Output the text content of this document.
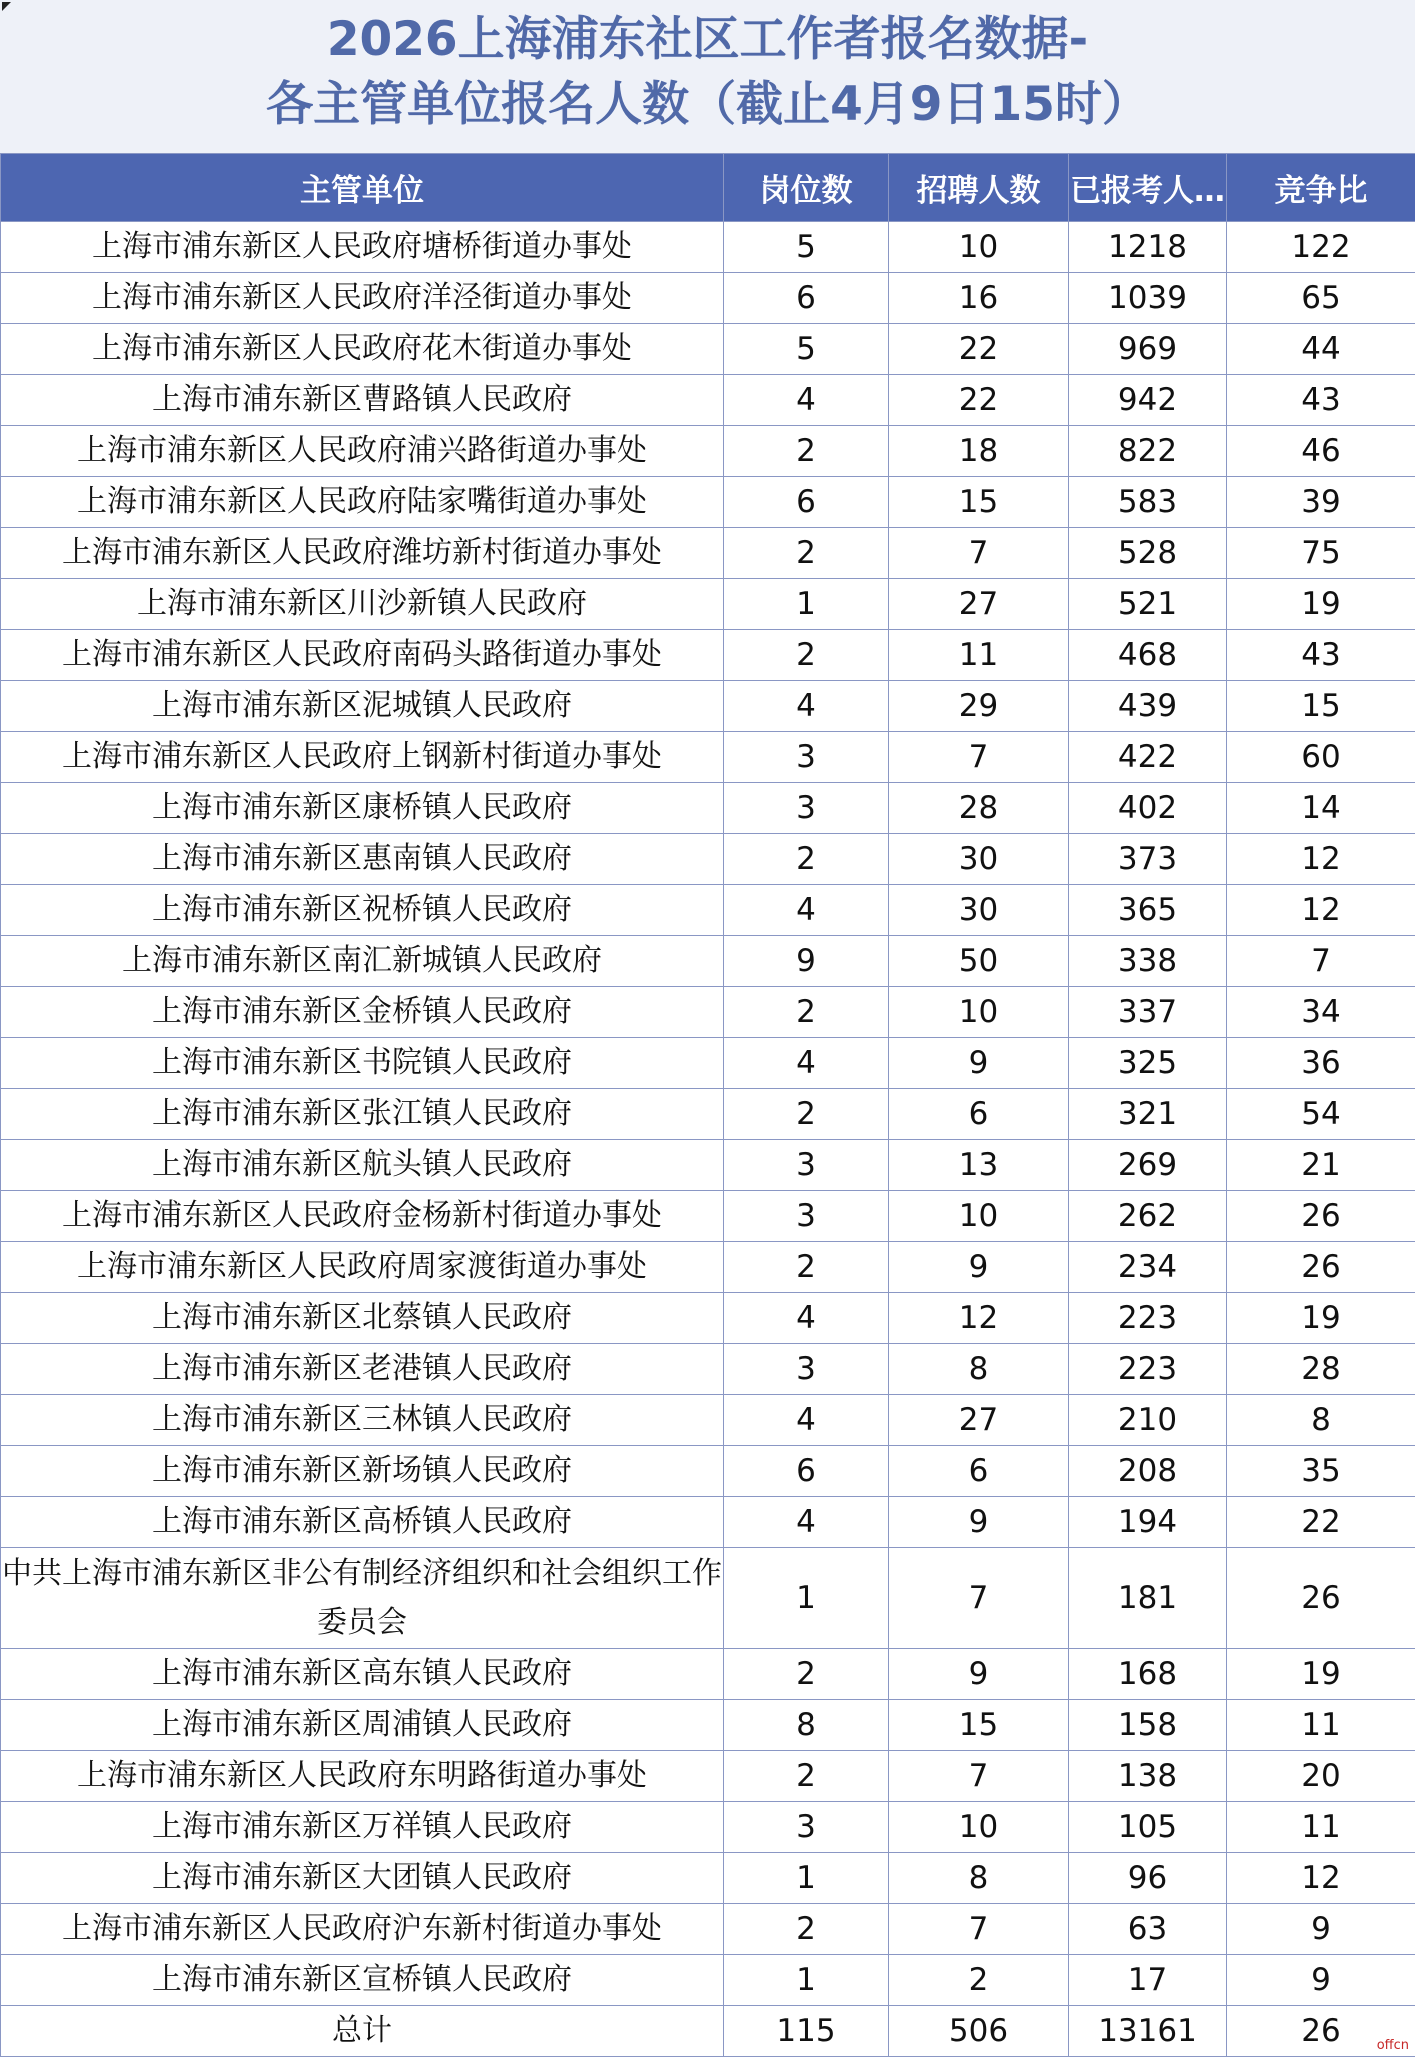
2026上海浦东社区工作者报名数据-
各主管单位报名人数（截止4月9日15时）
主管单位	岗位数	招聘人数	已报考人…	竞争比
上海市浦东新区人民政府塘桥街道办事处	5	10	1218	122
上海市浦东新区人民政府洋泾街道办事处	6	16	1039	65
上海市浦东新区人民政府花木街道办事处	5	22	969	44
上海市浦东新区曹路镇人民政府	4	22	942	43
上海市浦东新区人民政府浦兴路街道办事处	2	18	822	46
上海市浦东新区人民政府陆家嘴街道办事处	6	15	583	39
上海市浦东新区人民政府潍坊新村街道办事处	2	7	528	75
上海市浦东新区川沙新镇人民政府	1	27	521	19
上海市浦东新区人民政府南码头路街道办事处	2	11	468	43
上海市浦东新区泥城镇人民政府	4	29	439	15
上海市浦东新区人民政府上钢新村街道办事处	3	7	422	60
上海市浦东新区康桥镇人民政府	3	28	402	14
上海市浦东新区惠南镇人民政府	2	30	373	12
上海市浦东新区祝桥镇人民政府	4	30	365	12
上海市浦东新区南汇新城镇人民政府	9	50	338	7
上海市浦东新区金桥镇人民政府	2	10	337	34
上海市浦东新区书院镇人民政府	4	9	325	36
上海市浦东新区张江镇人民政府	2	6	321	54
上海市浦东新区航头镇人民政府	3	13	269	21
上海市浦东新区人民政府金杨新村街道办事处	3	10	262	26
上海市浦东新区人民政府周家渡街道办事处	2	9	234	26
上海市浦东新区北蔡镇人民政府	4	12	223	19
上海市浦东新区老港镇人民政府	3	8	223	28
上海市浦东新区三林镇人民政府	4	27	210	8
上海市浦东新区新场镇人民政府	6	6	208	35
上海市浦东新区高桥镇人民政府	4	9	194	22
中共上海市浦东新区非公有制经济组织和社会组织工作委员会	1	7	181	26
上海市浦东新区高东镇人民政府	2	9	168	19
上海市浦东新区周浦镇人民政府	8	15	158	11
上海市浦东新区人民政府东明路街道办事处	2	7	138	20
上海市浦东新区万祥镇人民政府	3	10	105	11
上海市浦东新区大团镇人民政府	1	8	96	12
上海市浦东新区人民政府沪东新村街道办事处	2	7	63	9
上海市浦东新区宣桥镇人民政府	1	2	17	9
总计	115	506	13161	26	offcn
